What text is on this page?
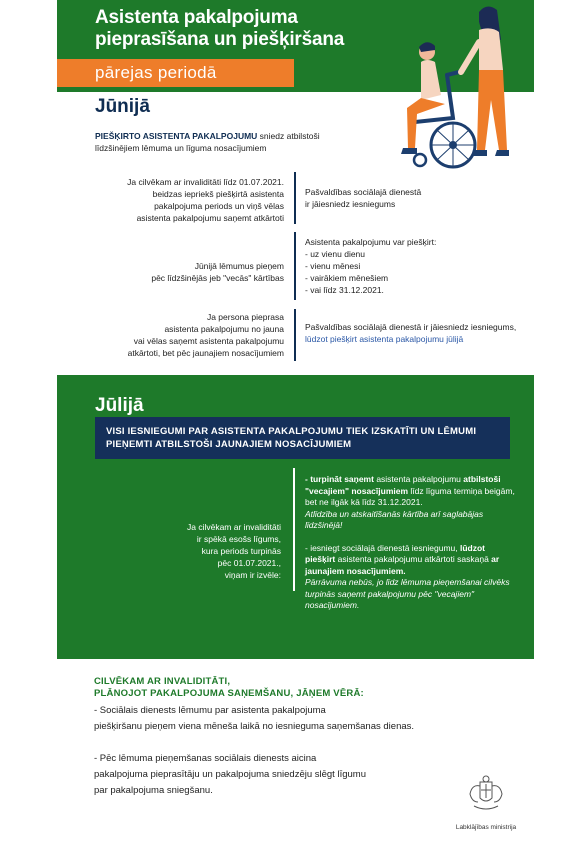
Asistenta pakalpojuma
pieprasīšana un piešķiršana
pārejas periodā
Jūnijā
PIEŠĶIRTO ASISTENTA PAKALPOJUMU sniedz atbilstoši līdzšinējiem lēmuma un līguma nosacījumiem
Ja cilvēkam ar invaliditāti līdz 01.07.2021.
beidzas iepriekš piešķirtā asistenta
pakalpojuma periods un viņš vēlas
asistenta pakalpojumu saņemt atkārtoti
Pašvaldības sociālajā dienestā
ir jāiesniedz iesniegums
Jūnijā lēmumus pieņem
pēc līdzšinējās jeb "vecās" kārtības
Asistenta pakalpojumu var piešķirt:
- uz vienu dienu
- vienu mēnesi
- vairākiem mēnešiem
- vai līdz 31.12.2021.
Ja persona pieprasa
asistenta pakalpojumu no jauna
vai vēlas saņemt asistenta pakalpojumu
atkārtoti, bet pēc jaunajiem nosacījumiem
Pašvaldības sociālajā dienestā ir jāiesniedz iesniegums, lūdzot piešķirt asistenta pakalpojumu jūlijā
Jūlijā
VISI IESNIEGUMI PAR ASISTENTA PAKALPOJUMU TIEK IZSKATĪTI UN LĒMUMI PIEŅEMTI ATBILSTOŠI JAUNAJIEM NOSACĪJUMIEM
Ja cilvēkam ar invaliditāti
ir spēkā esošs līgums,
kura periods turpinās
pēc 01.07.2021.,
viņam ir izvēle:

- turpināt saņemt asistenta pakalpojumu atbilstoši "vecajiem" nosacījumiem līdz līguma termiņa beigām, bet ne ilgāk kā līdz 31.12.2021.
Atlīdzība un atskaitīšanās kārtība arī saglabājas līdzšinējā!

- iesniegt sociālajā dienestā iesniegumu, lūdzot piešķirt asistenta pakalpojumu atkārtoti saskaņā ar jaunajiem nosacījumiem.
Pārrāvuma nebūs, jo līdz lēmuma pieņemšanai cilvēks turpinās saņemt pakalpojumu pēc "vecajiem" nosacījumiem.

CILVĒKAM AR INVALIDITĀTI,
PLĀNOJOT PAKALPOJUMA SAŅEMŠANU, JĀŅEM VĒRĀ:

- Sociālais dienests lēmumu par asistenta pakalpojuma
piešķiršanu pieņem viena mēneša laikā no iesnieguma saņemšanas dienas.

- Pēc lēmuma pieņemšanas sociālais dienests aicina
pakalpojuma pieprasītāju un pakalpojuma sniedzēju slēgt līgumu
par pakalpojuma sniegšanu.

Labklājības ministrija
